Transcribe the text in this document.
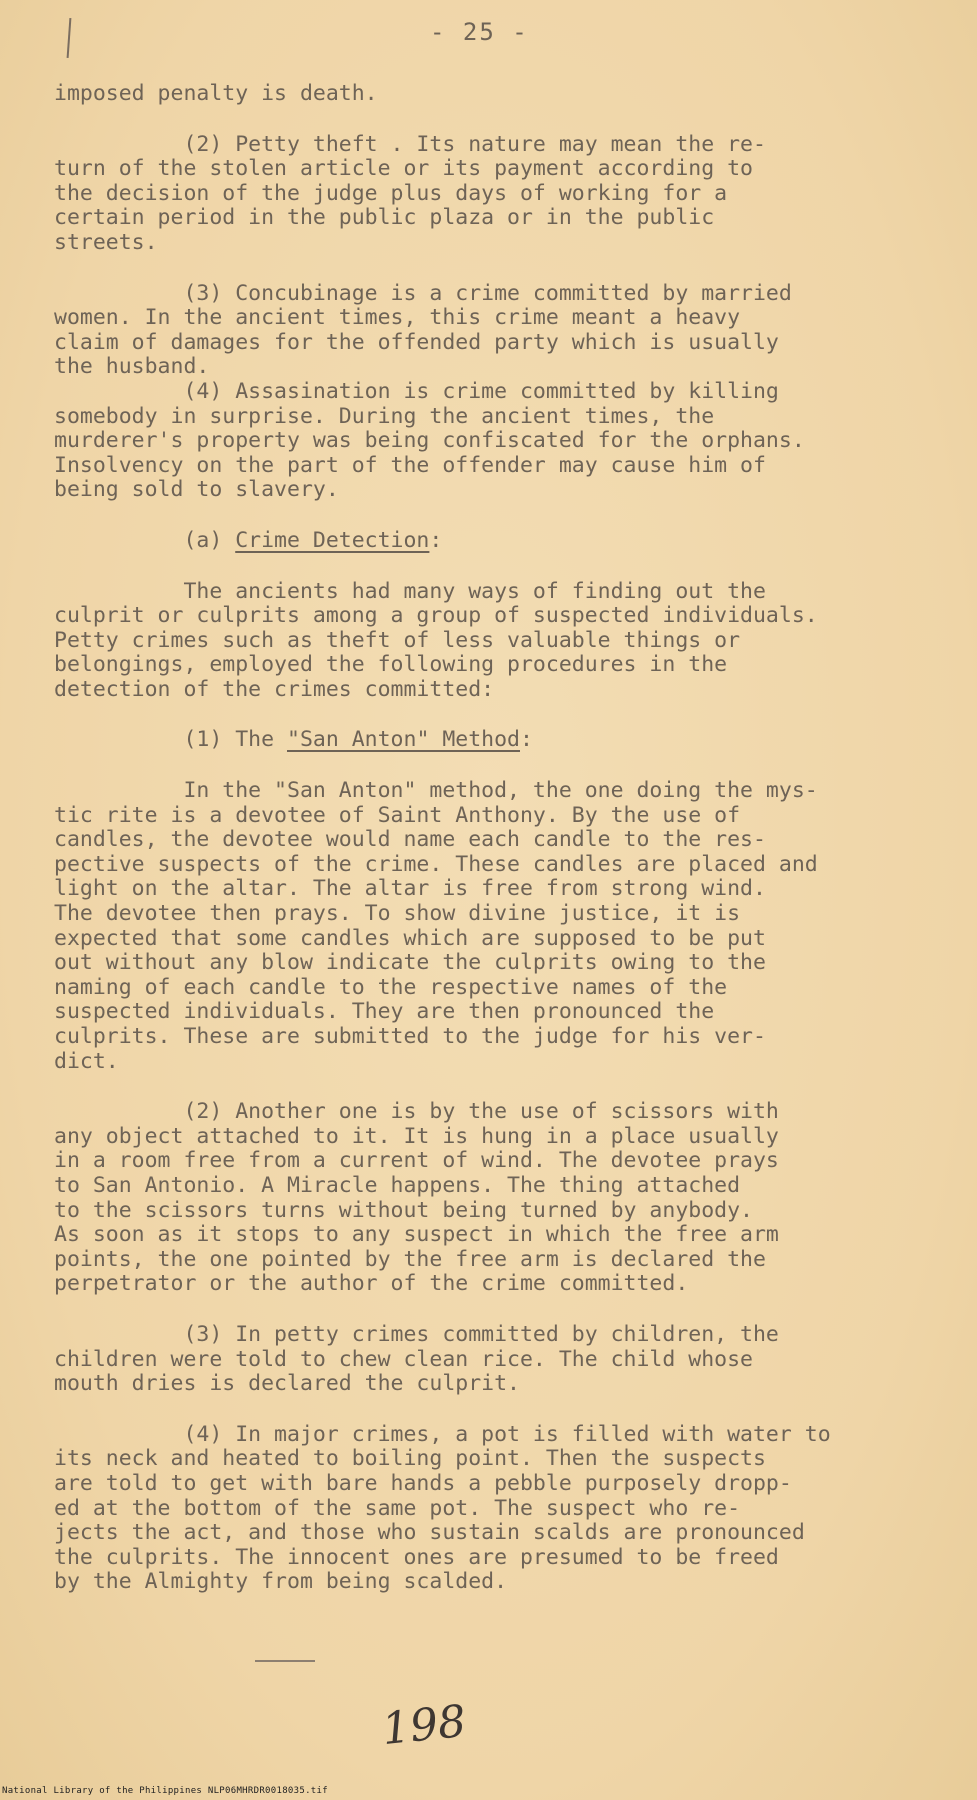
- 25 -

imposed penalty is death.

(2) Petty theft . Its nature may mean the re-
turn of the stolen article or its payment according to
the decision of the judge plus days of working for a
certain period in the public plaza or in the public
streets.

(3) Concubinage is a crime committed by married
women. In the ancient times, this crime meant a heavy
claim of damages for the offended party which is usually
the husband.

(4) Assasination is crime committed by killing
somebody in surprise. During the ancient times, the
murderer's property was being confiscated for the orphans.
Insolvency on the part of the offender may cause him of
being sold to slavery.

(a) Crime Detection:

The ancients had many ways of finding out the
culprit or culprits among a group of suspected individuals.
Petty crimes such as theft of less valuable things or
belongings, employed the following procedures in the
detection of the crimes committed:

(1) The "San Anton" Method:

In the "San Anton" method, the one doing the mys-
tic rite is a devotee of Saint Anthony. By the use of
candles, the devotee would name each candle to the res-
pective suspects of the crime. These candles are placed and
light on the altar. The altar is free from strong wind.
The devotee then prays. To show divine justice, it is
expected that some candles which are supposed to be put
out without any blow indicate the culprits owing to the
naming of each candle to the respective names of the
suspected individuals. They are then pronounced the
culprits. These are submitted to the judge for his ver-
dict.

(2) Another one is by the use of scissors with
any object attached to it. It is hung in a place usually
in a room free from a current of wind. The devotee prays
to San Antonio. A Miracle happens. The thing attached
to the scissors turns without being turned by anybody.
As soon as it stops to any suspect in which the free arm
points, the one pointed by the free arm is declared the
perpetrator or the author of the crime committed.

(3) In petty crimes committed by children, the
children were told to chew clean rice. The child whose
mouth dries is declared the culprit.

(4) In major crimes, a pot is filled with water to
its neck and heated to boiling point. Then the suspects
are told to get with bare hands a pebble purposely dropp-
ed at the bottom of the same pot. The suspect who re-
jects the act, and those who sustain scalds are pronounced
the culprits. The innocent ones are presumed to be freed
by the Almighty from being scalded.

198
National Library of the Philippines NLP06MHRDR0018035.tif
